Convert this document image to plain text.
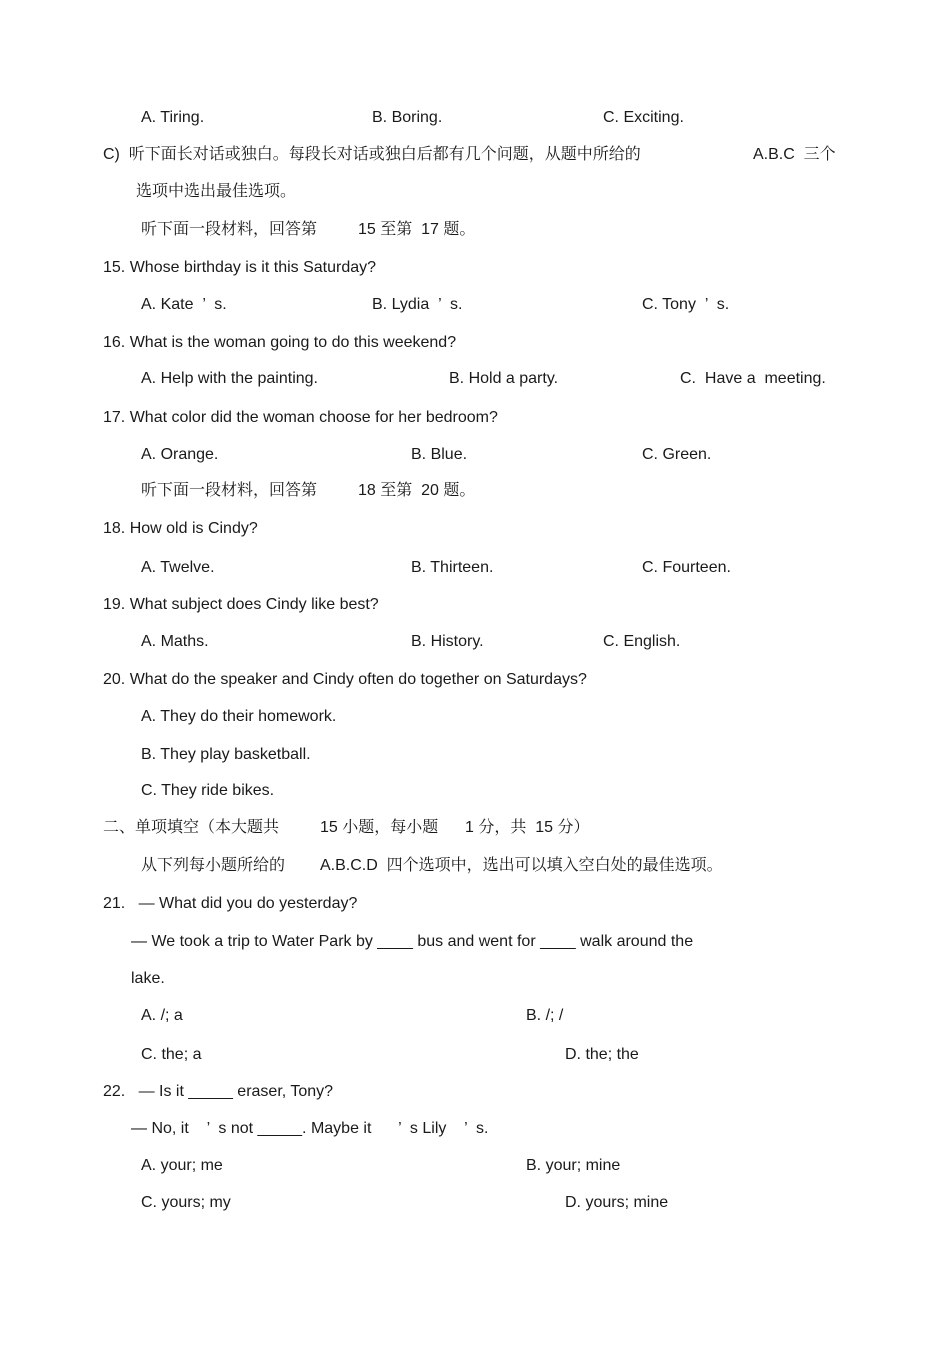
A. Tiring.	B. Boring.	C. Exciting.
C)  听下面长对话或独白。每段长对话或独白后都有几个问题，从题中所给的	A.B.C  三个
选项中选出最佳选项。
听下面一段材料，回答第	15 至第  17 题。
15. Whose birthday is it this Saturday?
A. Kate  ’  s.	B. Lydia  ’  s.	C. Tony  ’  s.
16. What is the woman going to do this weekend?
A. Help with the painting.	B. Hold a party.	C.  Have a  meeting.
17. What color did the woman choose for her bedroom?
A. Orange.	B. Blue.	C. Green.
听下面一段材料，回答第	18 至第  20 题。
18. How old is Cindy?
A. Twelve.	B. Thirteen.	C. Fourteen.
19. What subject does Cindy like best?
A. Maths.	B. History.	C. English.
20. What do the speaker and Cindy often do together on Saturdays?
A. They do their homework.
B. They play basketball.
C. They ride bikes.
二、单项填空（本大题共	15 小题，每小题 1 分，共  15 分）
从下列每小题所给的 A.B.C.D  四个选项中，选出可以填入空白处的最佳选项。
21.   — What did you do yesterday?
— We took a trip to Water Park by ____ bus and went for ____ walk around the
lake.
A. /; a	B. /; /
C. the; a	D. the; the
22.   — Is it _____ eraser, Tony?
— No, it    ’  s not _____. Maybe it      ’  s Lily    ’  s.
A. your; me	B. your; mine
C. yours; my	D. yours; mine
